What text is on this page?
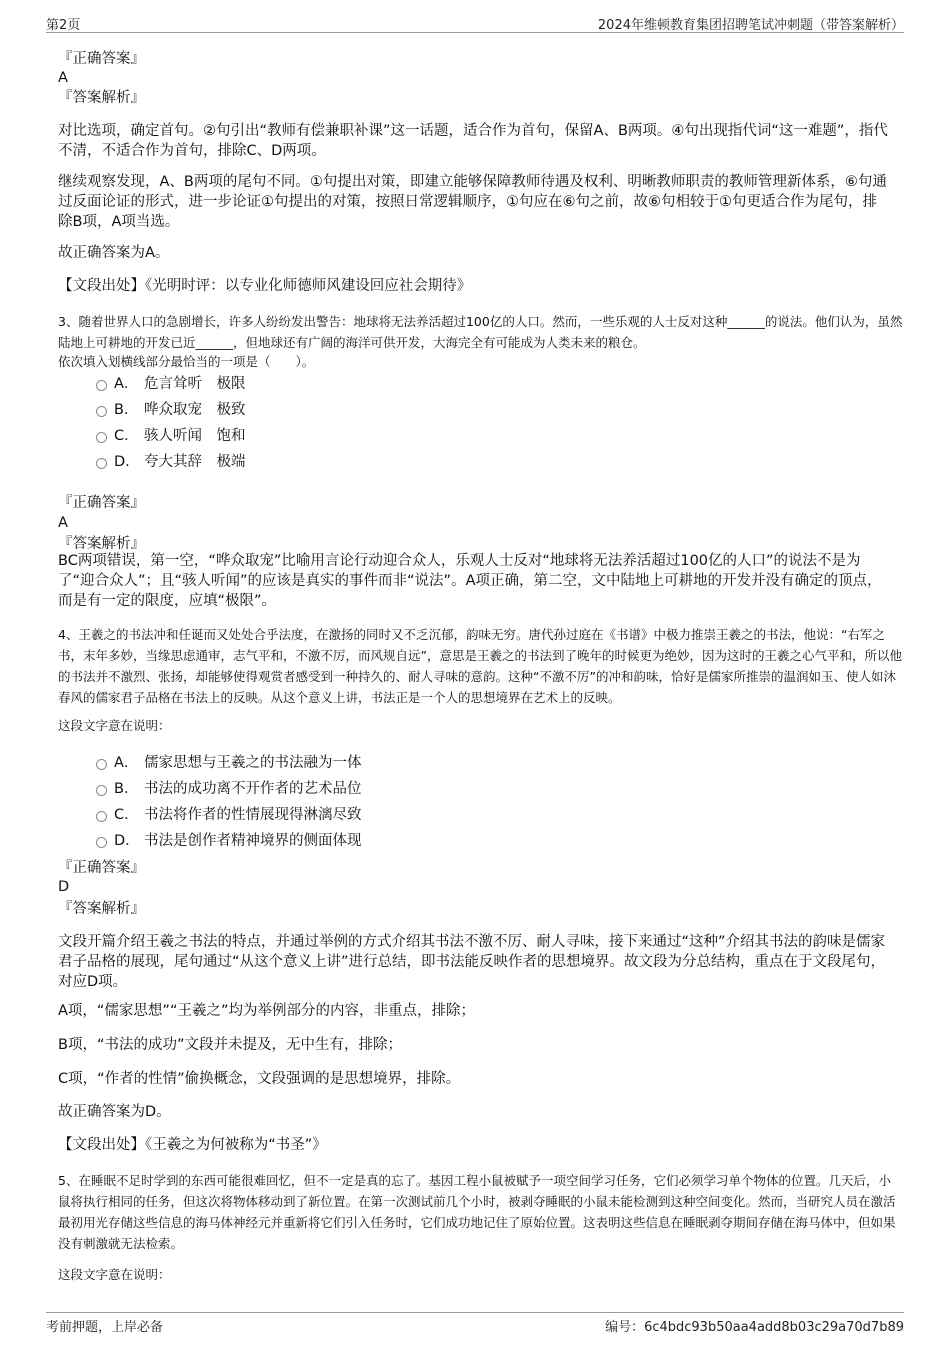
第2页	2024年维顿教育集团招聘笔试冲刺题（带答案解析）
『正确答案』
A
『答案解析』
对比选项，确定首句。②句引出“教师有偿兼职补课”这一话题，适合作为首句，保留A、B两项。④句出现指代词“这一难题”，指代不清，不适合作为首句，排除C、D两项。
继续观察发现，A、B两项的尾句不同。①句提出对策，即建立能够保障教师待遇及权利、明晰教师职责的教师管理新体系，⑥句通过反面论证的形式，进一步论证①句提出的对策，按照日常逻辑顺序，①句应在⑥句之前，故⑥句相较于①句更适合作为尾句，排除B项，A项当选。
故正确答案为A。
【文段出处】《光明时评：以专业化师德师风建设回应社会期待》
3、随着世界人口的急剧增长，许多人纷纷发出警告：地球将无法养活超过100亿的人口。然而，一些乐观的人士反对这种______的说法。他们认为，虽然陆地上可耕地的开发已近______，但地球还有广阔的海洋可供开发，大海完全有可能成为人类未来的粮仓。
依次填入划横线部分最恰当的一项是（　　）。
A． 危言耸听　极限
B． 哗众取宠　极致
C． 骇人听闻　饱和
D． 夸大其辞　极端
『正确答案』
A
『答案解析』
BC两项错误，第一空，“哗众取宠”比喻用言论行动迎合众人，乐观人士反对“地球将无法养活超过100亿的人口”的说法不是为了“迎合众人”；且“骇人听闻”的应该是真实的事件而非“说法”。A项正确，第二空，文中陆地上可耕地的开发并没有确定的顶点，而是有一定的限度，应填“极限”。
4、王羲之的书法冲和任诞而又处处合乎法度，在激扬的同时又不乏沉郁，韵味无穷。唐代孙过庭在《书谱》中极力推崇王羲之的书法，他说：“右军之书，末年多妙，当缘思虑通审，志气平和，不激不厉，而风规自远”，意思是王羲之的书法到了晚年的时候更为绝妙，因为这时的王羲之心气平和，所以他的书法并不激烈、张扬，却能够使得观赏者感受到一种持久的、耐人寻味的意韵。这种“不激不厉”的冲和韵味，恰好是儒家所推崇的温润如玉、使人如沐春风的儒家君子品格在书法上的反映。从这个意义上讲，书法正是一个人的思想境界在艺术上的反映。
这段文字意在说明：
A． 儒家思想与王羲之的书法融为一体
B． 书法的成功离不开作者的艺术品位
C． 书法将作者的性情展现得淋漓尽致
D． 书法是创作者精神境界的侧面体现
『正确答案』
D
『答案解析』
文段开篇介绍王羲之书法的特点，并通过举例的方式介绍其书法不激不厉、耐人寻味，接下来通过“这种”介绍其书法的韵味是儒家君子品格的展现，尾句通过“从这个意义上讲”进行总结，即书法能反映作者的思想境界。故文段为分总结构，重点在于文段尾句，对应D项。
A项，“儒家思想”“王羲之”均为举例部分的内容，非重点，排除；
B项，“书法的成功”文段并未提及，无中生有，排除；
C项，“作者的性情”偷换概念，文段强调的是思想境界，排除。
故正确答案为D。
【文段出处】《王羲之为何被称为“书圣”》
5、在睡眠不足时学到的东西可能很难回忆，但不一定是真的忘了。基因工程小鼠被赋予一项空间学习任务，它们必须学习单个物体的位置。几天后，小鼠将执行相同的任务，但这次将物体移动到了新位置。在第一次测试前几个小时，被剥夺睡眠的小鼠未能检测到这种空间变化。然而，当研究人员在激活最初用光存储这些信息的海马体神经元并重新将它们引入任务时，它们成功地记住了原始位置。这表明这些信息在睡眠剥夺期间存储在海马体中，但如果没有刺激就无法检索。
这段文字意在说明：
考前押题，上岸必备	编号：6c4bdc93b50aa4add8b03c29a70d7b89
